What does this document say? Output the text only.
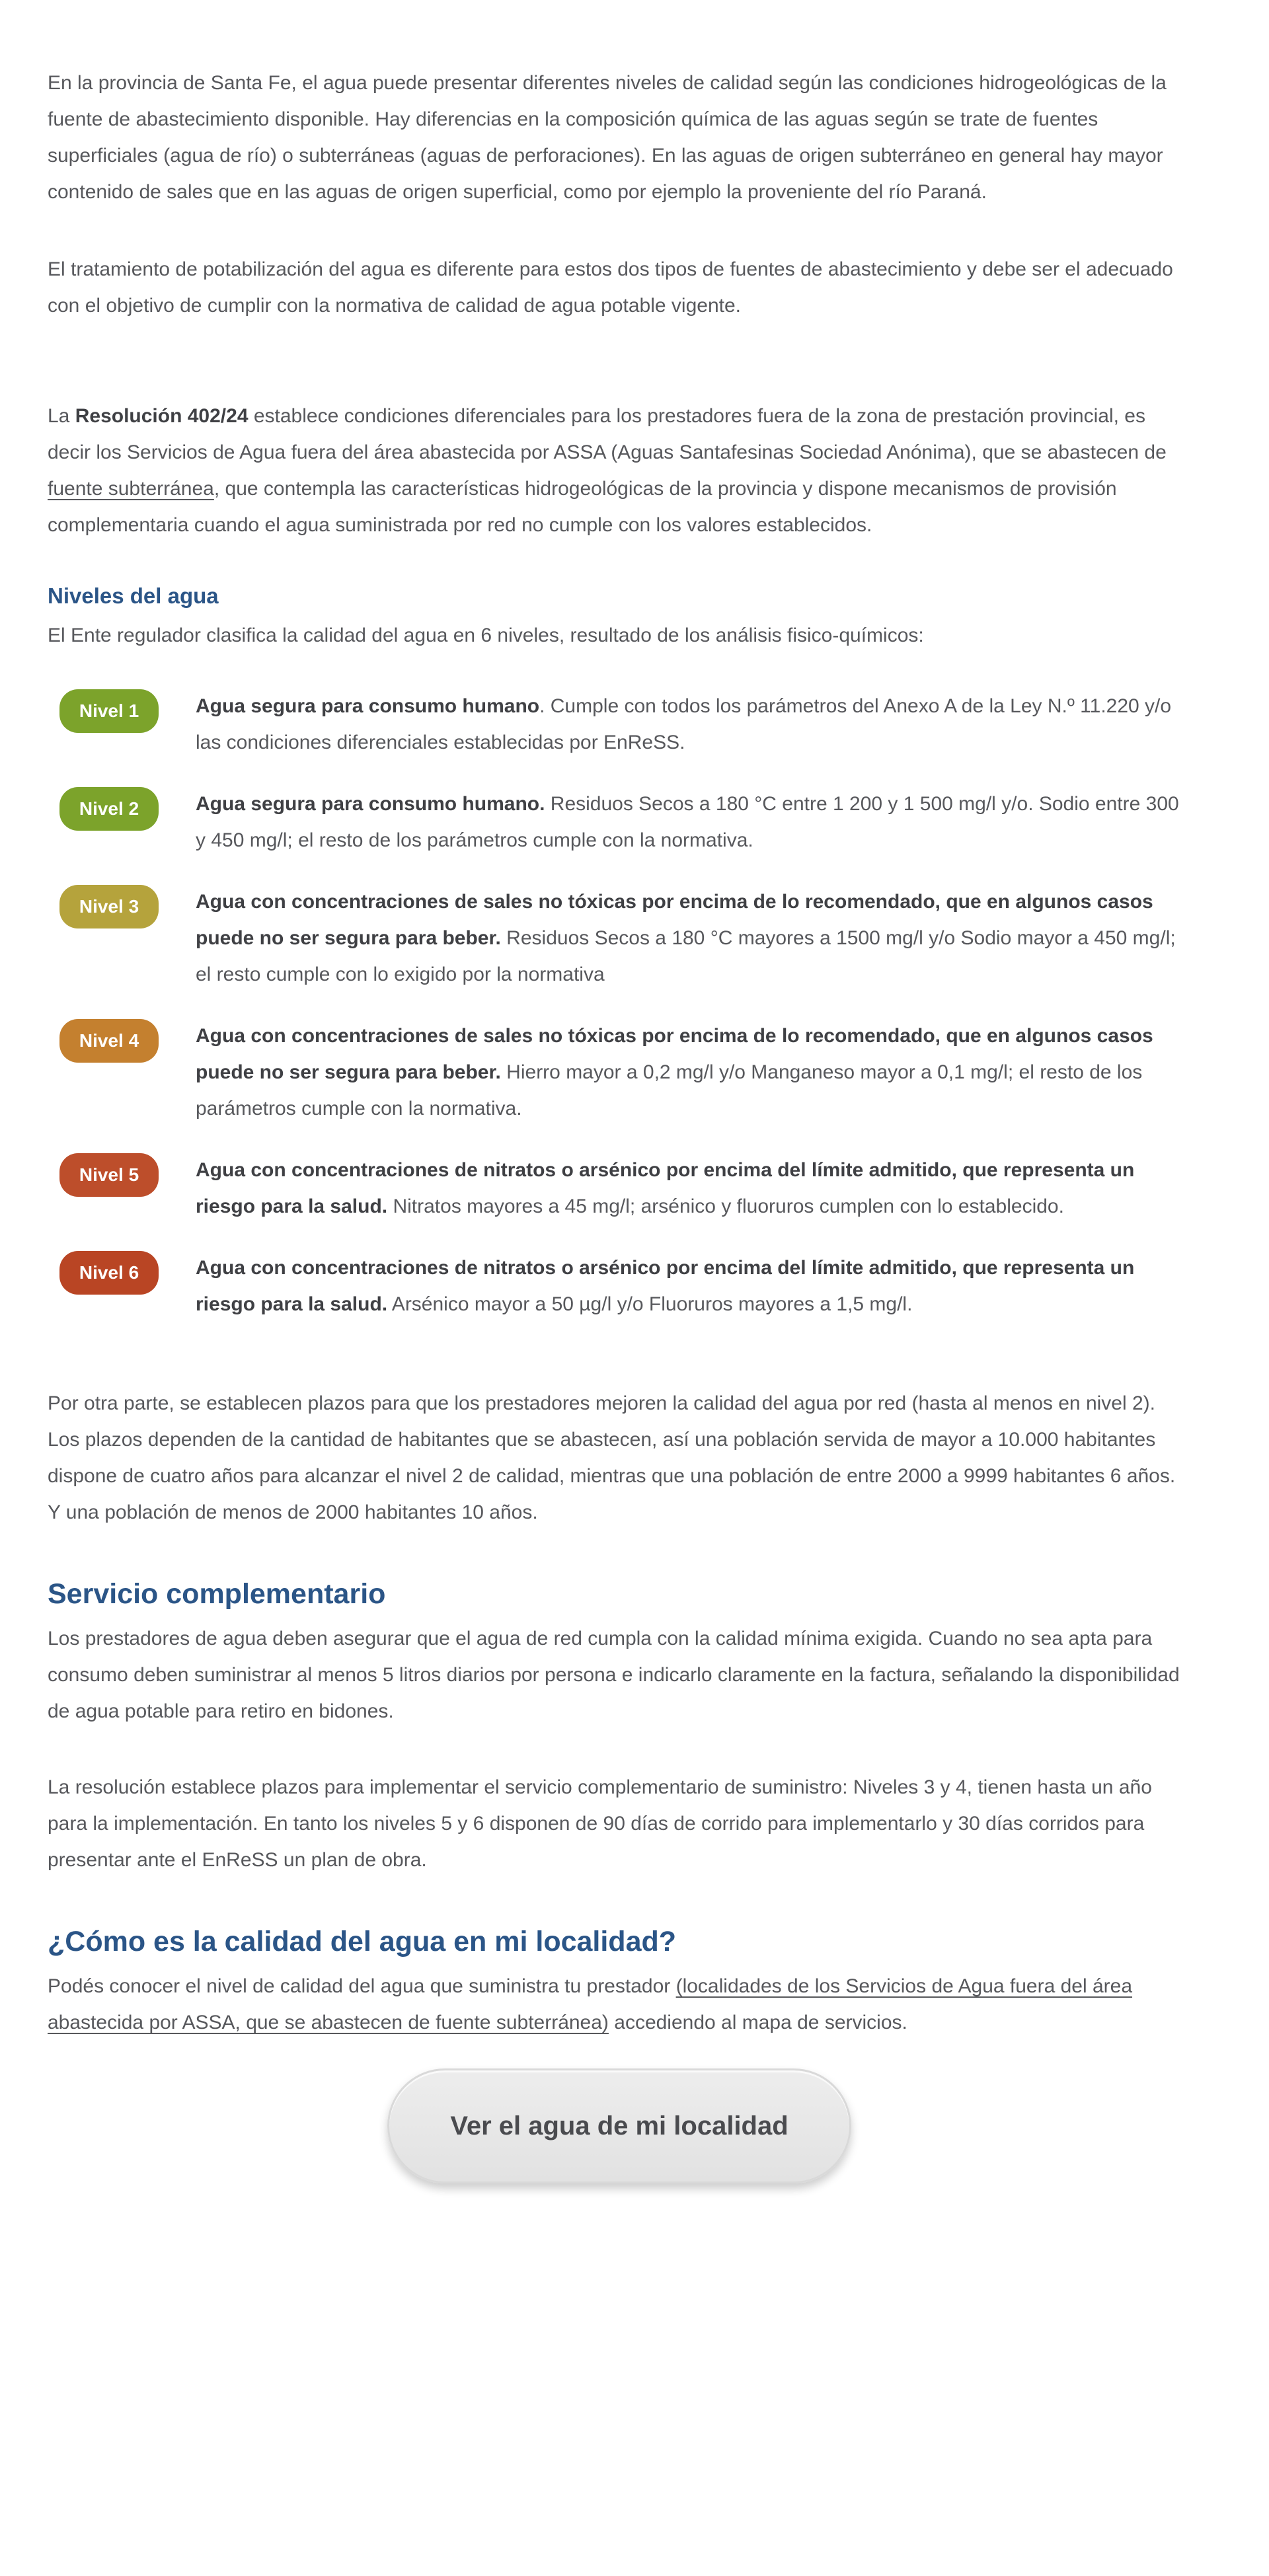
En la provincia de Santa Fe, el agua puede presentar diferentes niveles de calidad según las condiciones hidrogeológicas de la fuente de abastecimiento disponible. Hay diferencias en la composición química de las aguas según se trate de fuentes superficiales (agua de río) o subterráneas (aguas de perforaciones). En las aguas de origen subterráneo en general hay mayor contenido de sales que en las aguas de origen superficial, como por ejemplo la proveniente del río Paraná.

El tratamiento de potabilización del agua es diferente para estos dos tipos de fuentes de abastecimiento y debe ser el adecuado con el objetivo de cumplir con la normativa de calidad de agua potable vigente.

La Resolución 402/24 establece condiciones diferenciales para los prestadores fuera de la zona de prestación provincial, es decir los Servicios de Agua fuera del área abastecida por ASSA (Aguas Santafesinas Sociedad Anónima), que se abastecen de fuente subterránea, que contempla las características hidrogeológicas de la provincia y dispone mecanismos de provisión complementaria cuando el agua suministrada por red no cumple con los valores establecidos.

Niveles del agua

El Ente regulador clasifica la calidad del agua en 6 niveles, resultado de los análisis fisico-químicos:

Nivel 1	Agua segura para consumo humano. Cumple con todos los parámetros del Anexo A de la Ley N.º 11.220 y/o las condiciones diferenciales establecidas por EnReSS.

Nivel 2	Agua segura para consumo humano. Residuos Secos a 180 °C entre 1 200 y 1 500 mg/l y/o. Sodio entre 300 y 450 mg/l; el resto de los parámetros cumple con la normativa.

Nivel 3	Agua con concentraciones de sales no tóxicas por encima de lo recomendado, que en algunos casos puede no ser segura para beber. Residuos Secos a 180 °C mayores a 1500 mg/l y/o Sodio mayor a 450 mg/l; el resto cumple con lo exigido por la normativa

Nivel 4	Agua con concentraciones de sales no tóxicas por encima de lo recomendado, que en algunos casos puede no ser segura para beber. Hierro mayor a 0,2 mg/l y/o Manganeso mayor a 0,1 mg/l; el resto de los parámetros cumple con la normativa.

Nivel 5	Agua con concentraciones de nitratos o arsénico por encima del límite admitido, que representa un riesgo para la salud. Nitratos mayores a 45 mg/l; arsénico y fluoruros cumplen con lo establecido.

Nivel 6	Agua con concentraciones de nitratos o arsénico por encima del límite admitido, que representa un riesgo para la salud. Arsénico mayor a 50 µg/l y/o Fluoruros mayores a 1,5 mg/l.

Por otra parte, se establecen plazos para que los prestadores mejoren la calidad del agua por red (hasta al menos en nivel 2). Los plazos dependen de la cantidad de habitantes que se abastecen, así una población servida de mayor a 10.000 habitantes dispone de cuatro años para alcanzar el nivel 2 de calidad, mientras que una población de entre 2000 a 9999 habitantes 6 años. Y una población de menos de 2000 habitantes 10 años.

Servicio complementario

Los prestadores de agua deben asegurar que el agua de red cumpla con la calidad mínima exigida. Cuando no sea apta para consumo deben suministrar al menos 5 litros diarios por persona e indicarlo claramente en la factura, señalando la disponibilidad de agua potable para retiro en bidones.

La resolución establece plazos para implementar el servicio complementario de suministro: Niveles 3 y 4, tienen hasta un año para la implementación. En tanto los niveles 5 y 6 disponen de 90 días de corrido para implementarlo y 30 días corridos para presentar ante el EnReSS un plan de obra.

¿Cómo es la calidad del agua en mi localidad?

Podés conocer el nivel de calidad del agua que suministra tu prestador (localidades de los Servicios de Agua fuera del área abastecida por ASSA, que se abastecen de fuente subterránea) accediendo al mapa de servicios.

Ver el agua de mi localidad
